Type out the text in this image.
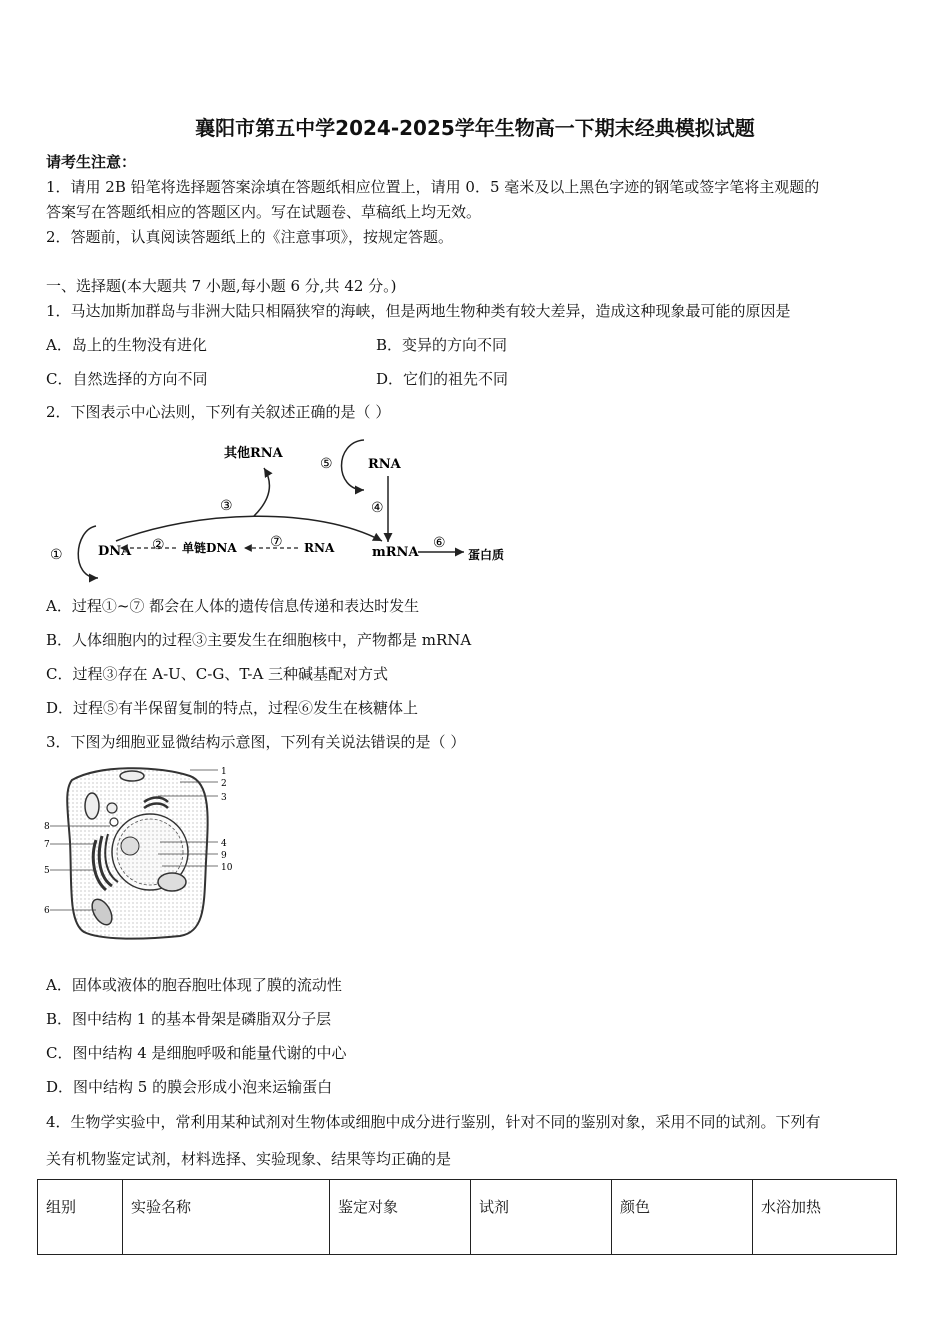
襄阳市第五中学2024-2025学年生物高一下期末经典模拟试题
请考生注意：
1．请用 2B 铅笔将选择题答案涂填在答题纸相应位置上，请用 0．5 毫米及以上黑色字迹的钢笔或签字笔将主观题的
答案写在答题纸相应的答题区内。写在试题卷、草稿纸上均无效。
2．答题前，认真阅读答题纸上的《注意事项》，按规定答题。
一、选择题(本大题共 7 小题,每小题 6 分,共 42 分。)
1．马达加斯加群岛与非洲大陆只相隔狭窄的海峡，但是两地生物种类有较大差异，造成这种现象最可能的原因是
A．岛上的生物没有进化	B．变异的方向不同
C．自然选择的方向不同	D．它们的祖先不同
2．下图表示中心法则，下列有关叙述正确的是（ ）
其他RNA
RNA
DNA	单链DNA	RNA	mRNA	蛋白质
①
②
③	④
⑤
⑥
⑦
A．过程①~⑦ 都会在人体的遗传信息传递和表达时发生
B．人体细胞内的过程③主要发生在细胞核中，产物都是 mRNA
C．过程③存在 A-U、C-G、T-A 三种碱基配对方式
D．过程⑤有半保留复制的特点，过程⑥发生在核糖体上
3．下图为细胞亚显微结构示意图，下列有关说法错误的是（ ）
1
2
3
4
9
10
8
7
5
6
A．固体或液体的胞吞胞吐体现了膜的流动性
B．图中结构 1 的基本骨架是磷脂双分子层
C．图中结构 4 是细胞呼吸和能量代谢的中心
D．图中结构 5 的膜会形成小泡来运输蛋白
4．生物学实验中，常利用某种试剂对生物体或细胞中成分进行鉴别，针对不同的鉴别对象，采用不同的试剂。下列有
关有机物鉴定试剂，材料选择、实验现象、结果等均正确的是
组别	实验名称	鉴定对象	试剂	颜色	水浴加热
